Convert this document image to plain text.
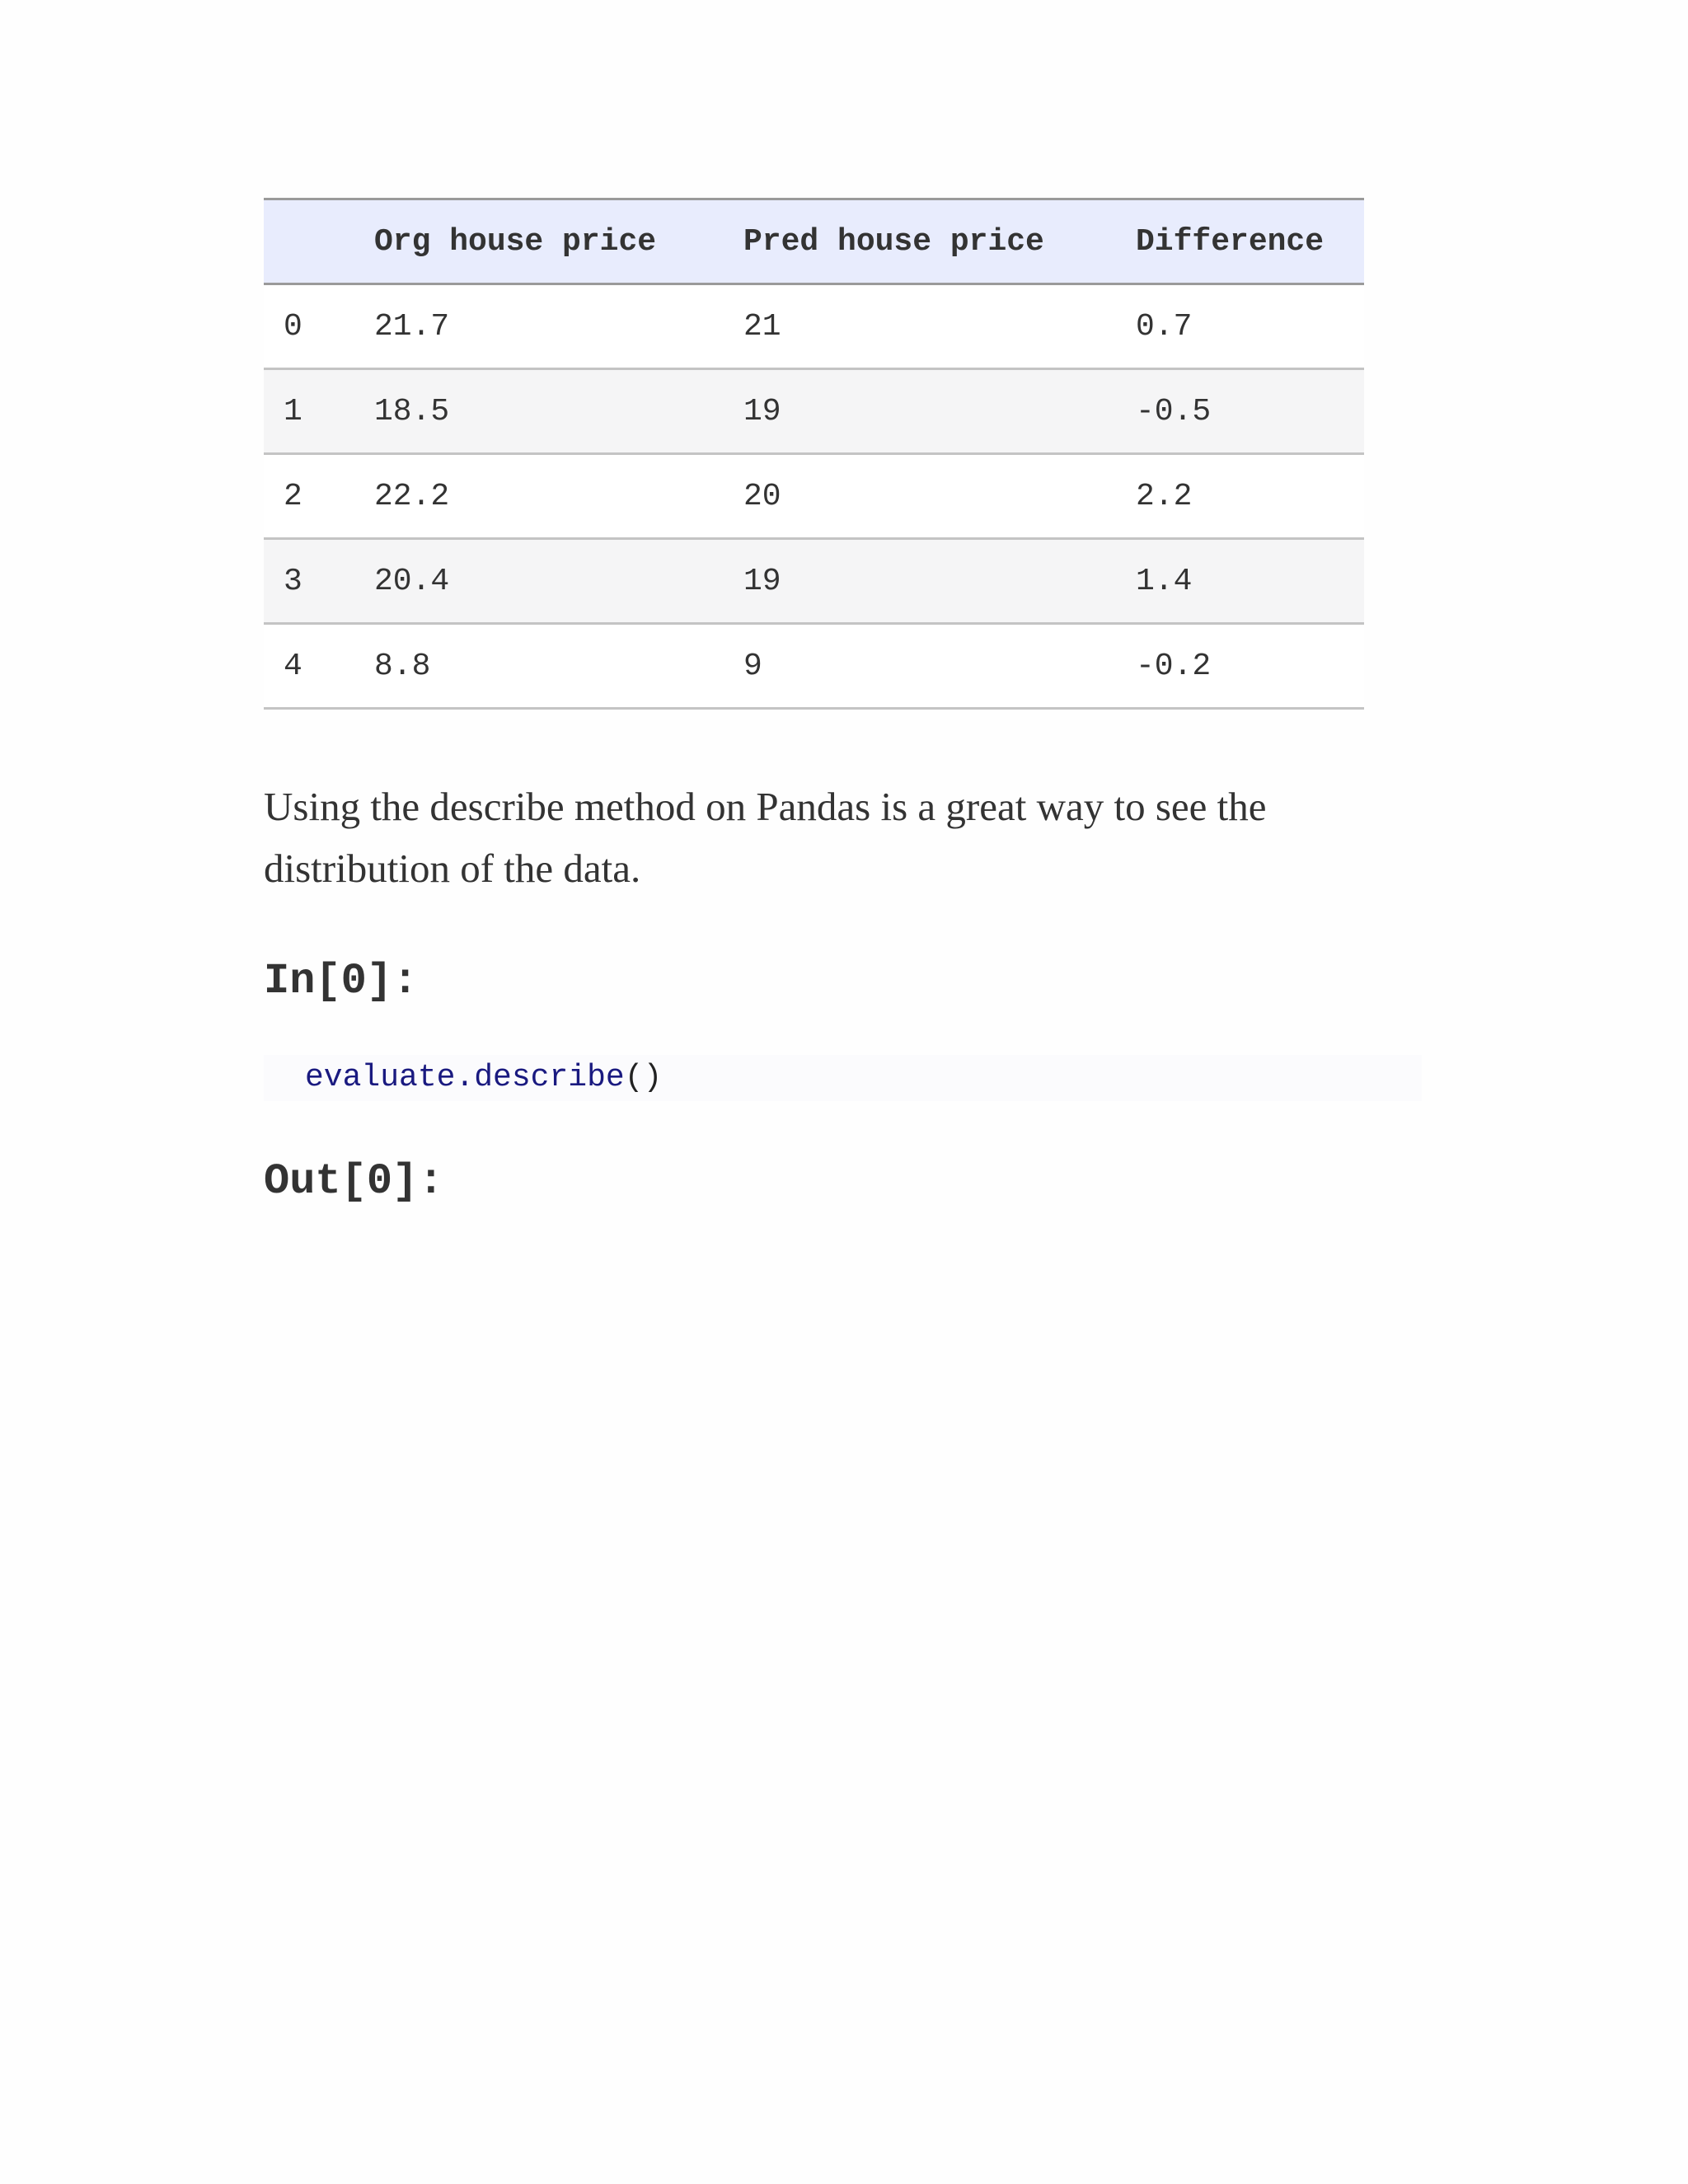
	Org house price	Pred house price	Difference
0	21.7	21	0.7
1	18.5	19	-0.5
2	22.2	20	2.2
3	20.4	19	1.4
4	8.8	9	-0.2

Using the describe method on Pandas is a great way to see the distribution of the data.

In[0]:
evaluate.describe()
Out[0]:
